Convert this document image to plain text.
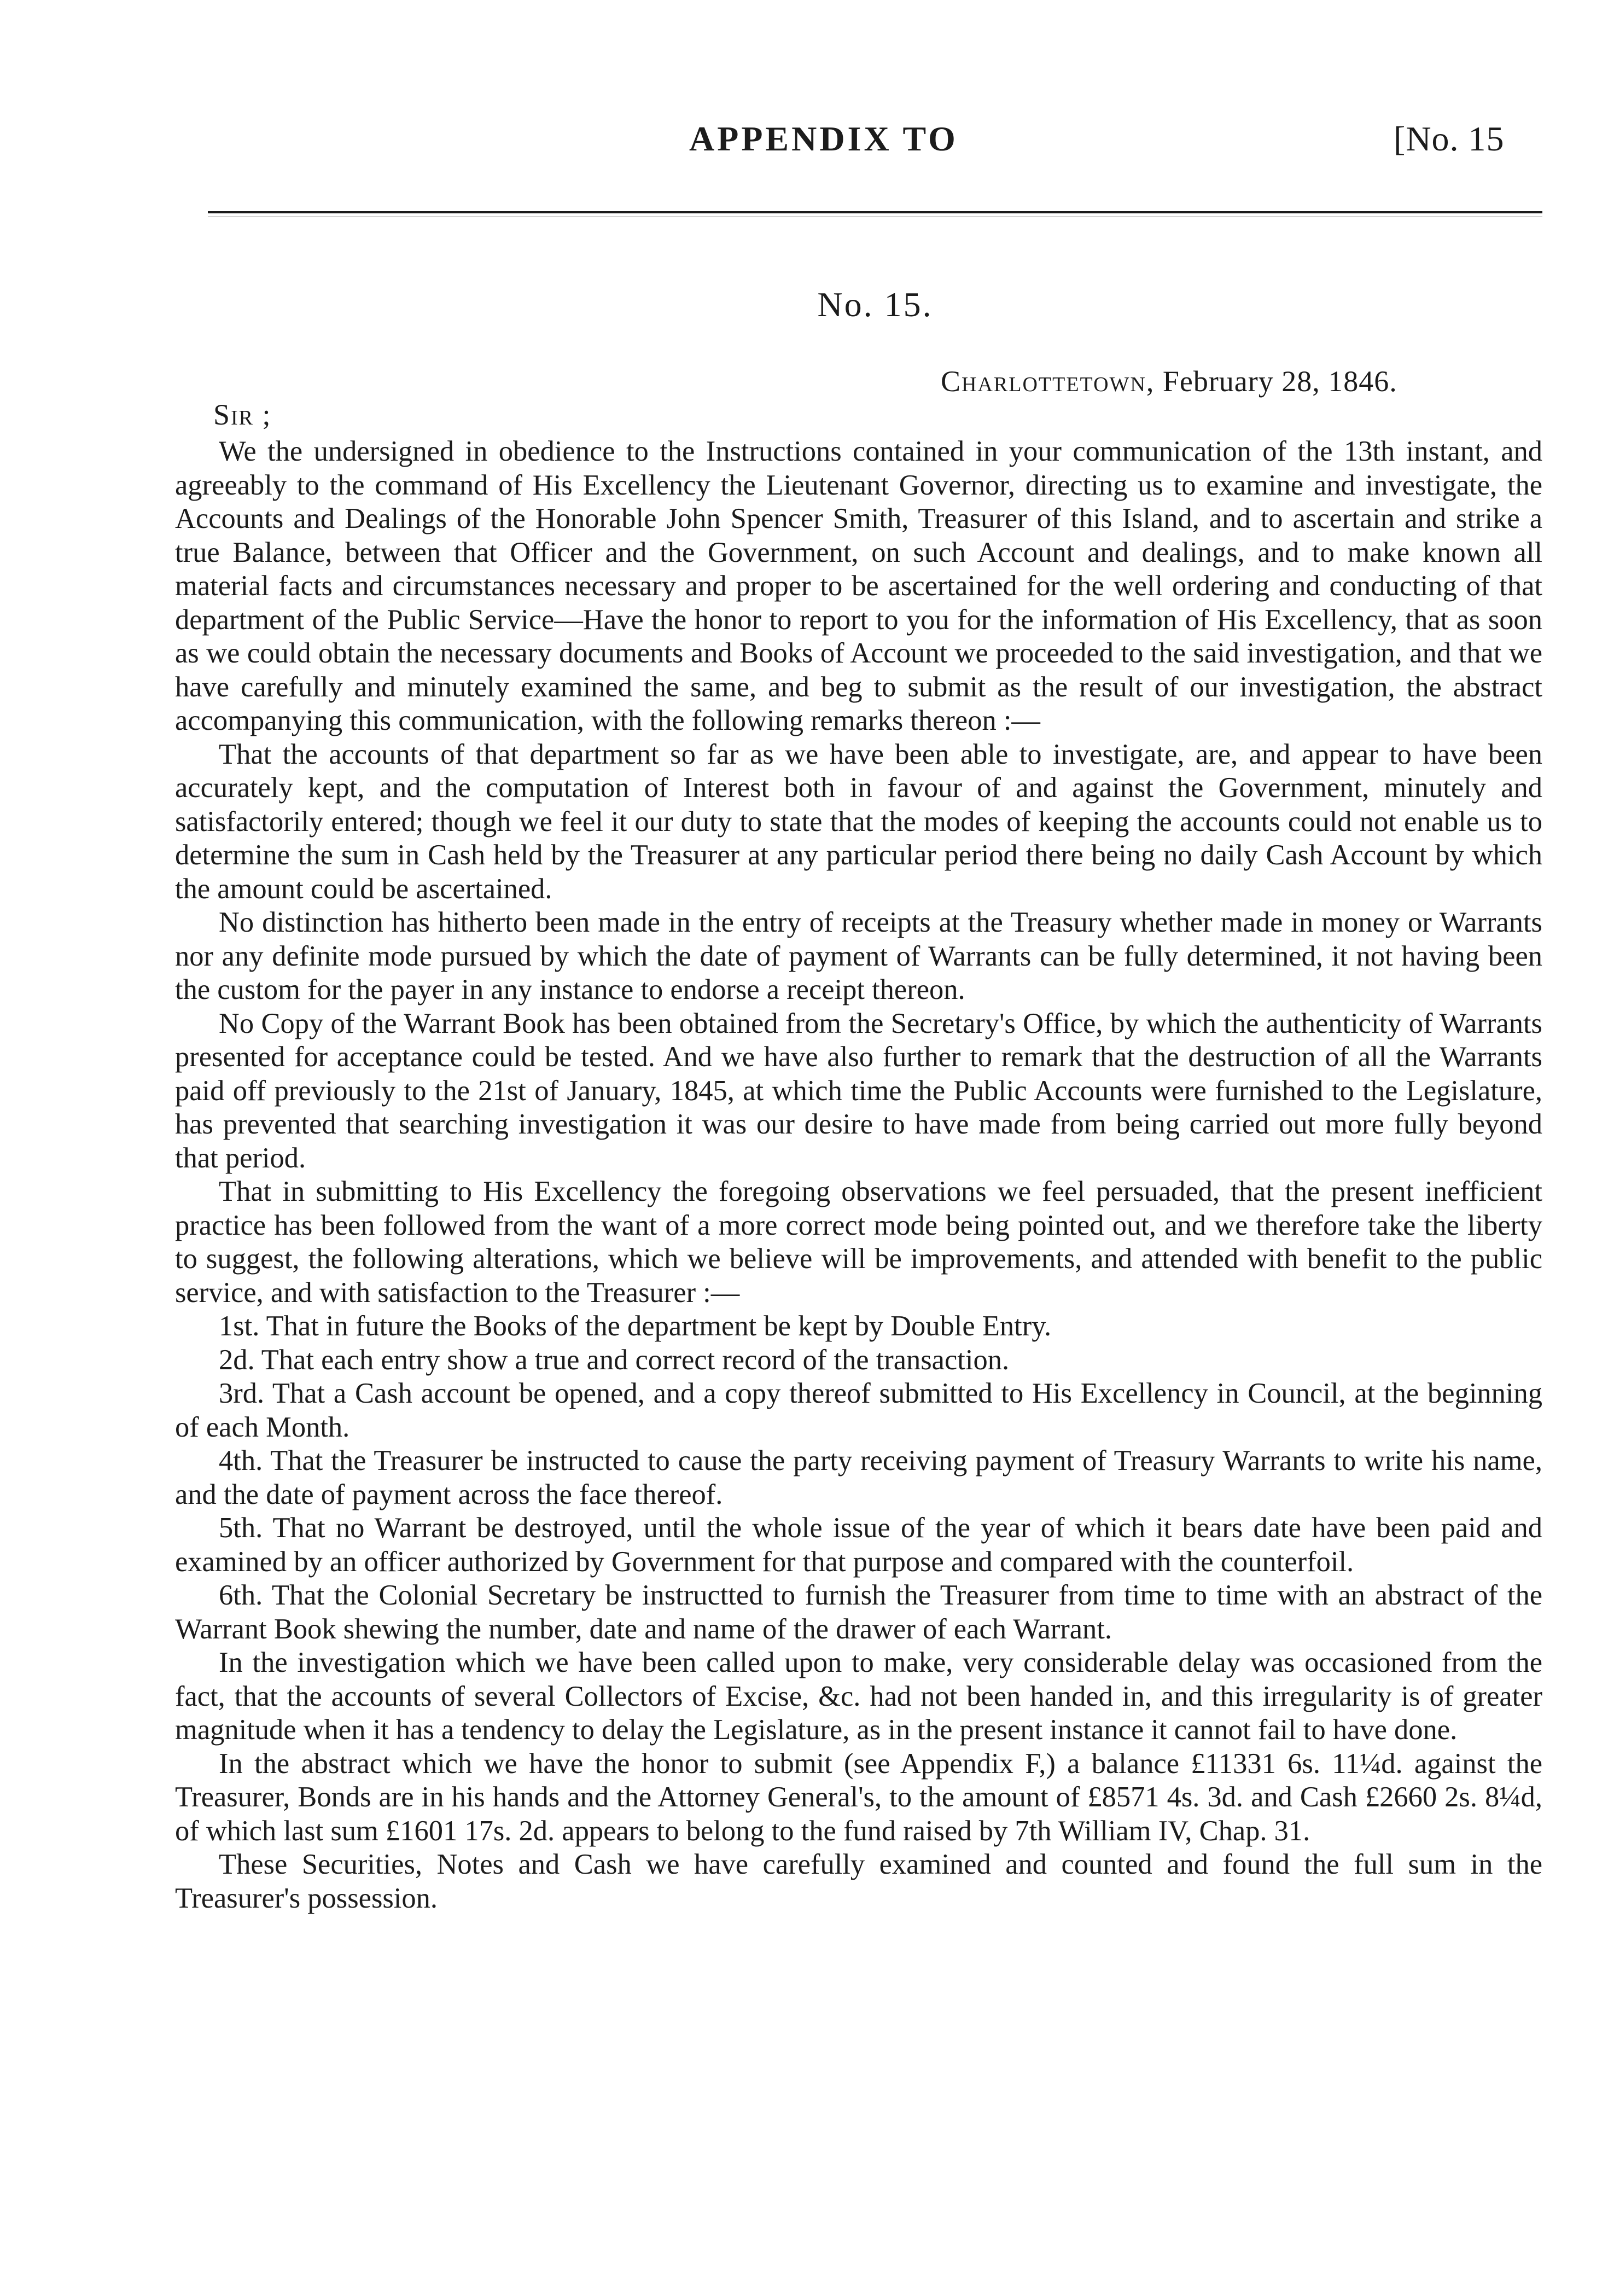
APPENDIX TO	[No. 15
No. 15.
Charlottetown, February 28, 1846.
Sir ;

We the undersigned in obedience to the Instructions contained in your communication of the 13th instant, and agreeably to the command of His Excellency the Lieutenant Governor, directing us to examine and investigate, the Accounts and Dealings of the Honorable John Spencer Smith, Treasurer of this Island, and to ascertain and strike a true Balance, between that Officer and the Government, on such Account and dealings, and to make known all material facts and circumstances necessary and proper to be ascertained for the well ordering and conducting of that department of the Public Service—Have the honor to report to you for the information of His Excellency, that as soon as we could obtain the necessary documents and Books of Account we proceeded to the said investigation, and that we have carefully and minutely examined the same, and beg to submit as the result of our investigation, the abstract accompanying this communication, with the following remarks thereon :—

That the accounts of that department so far as we have been able to investigate, are, and appear to have been accurately kept, and the computation of Interest both in favour of and against the Government, minutely and satisfactorily entered; though we feel it our duty to state that the modes of keeping the accounts could not enable us to determine the sum in Cash held by the Treasurer at any particular period there being no daily Cash Account by which the amount could be ascertained.

No distinction has hitherto been made in the entry of receipts at the Treasury whether made in money or Warrants nor any definite mode pursued by which the date of payment of Warrants can be fully determined, it not having been the custom for the payer in any instance to endorse a receipt thereon.

No Copy of the Warrant Book has been obtained from the Secretary's Office, by which the authenticity of Warrants presented for acceptance could be tested. And we have also further to remark that the destruction of all the Warrants paid off previously to the 21st of January, 1845, at which time the Public Accounts were furnished to the Legislature, has prevented that searching investigation it was our desire to have made from being carried out more fully beyond that period.

That in submitting to His Excellency the foregoing observations we feel persuaded, that the present inefficient practice has been followed from the want of a more correct mode being pointed out, and we therefore take the liberty to suggest, the following alterations, which we believe will be improvements, and attended with benefit to the public service, and with satisfaction to the Treasurer :—

1st. That in future the Books of the department be kept by Double Entry.

2d. That each entry show a true and correct record of the transaction.

3rd. That a Cash account be opened, and a copy thereof submitted to His Excellency in Council, at the beginning of each Month.

4th. That the Treasurer be instructed to cause the party receiving payment of Treasury Warrants to write his name, and the date of payment across the face thereof.

5th. That no Warrant be destroyed, until the whole issue of the year of which it bears date have been paid and examined by an officer authorized by Government for that purpose and compared with the counterfoil.

6th. That the Colonial Secretary be instructted to furnish the Treasurer from time to time with an abstract of the Warrant Book shewing the number, date and name of the drawer of each Warrant.

In the investigation which we have been called upon to make, very considerable delay was occasioned from the fact, that the accounts of several Collectors of Excise, &c. had not been handed in, and this irregularity is of greater magnitude when it has a tendency to delay the Legislature, as in the present instance it cannot fail to have done.

In the abstract which we have the honor to submit (see Appendix F,) a balance £11331 6s. 11¼d. against the Treasurer, Bonds are in his hands and the Attorney General's, to the amount of £8571 4s. 3d. and Cash £2660 2s. 8¼d, of which last sum £1601 17s. 2d. appears to belong to the fund raised by 7th William IV, Chap. 31.

These Securities, Notes and Cash we have carefully examined and counted and found the full sum in the Treasurer's possession.
